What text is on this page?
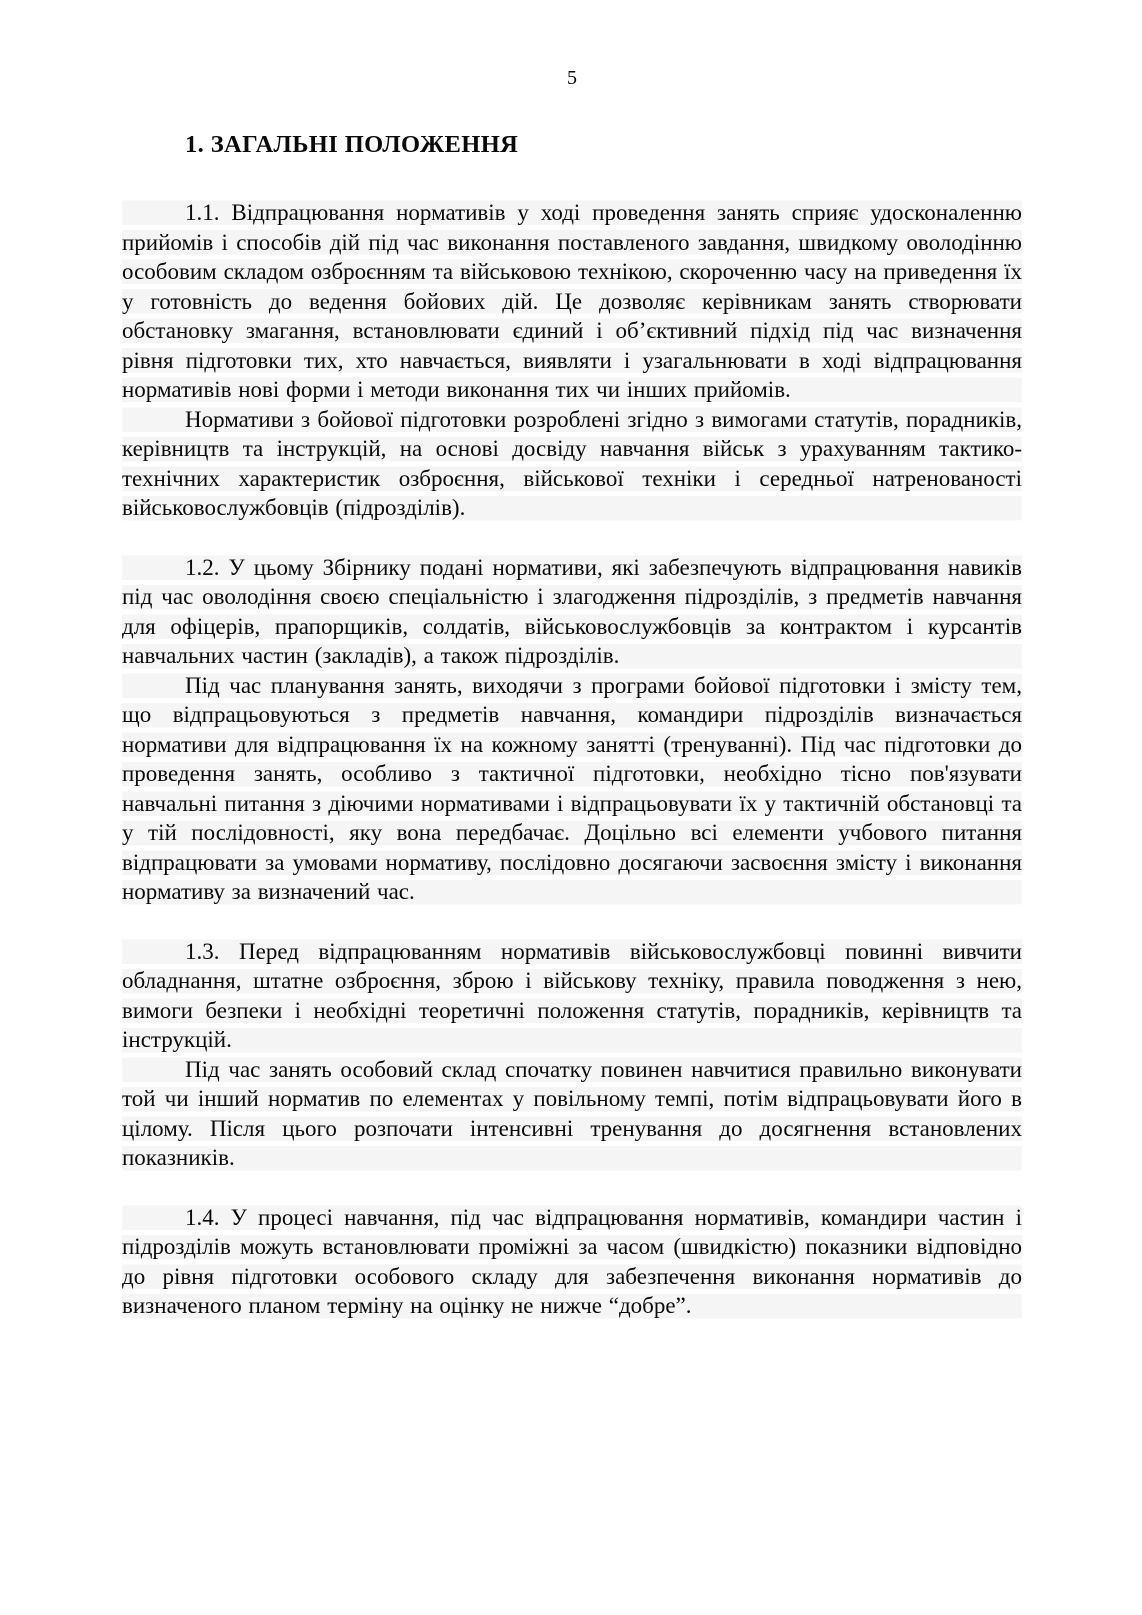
5
1. ЗАГАЛЬНІ ПОЛОЖЕННЯ

1.1. Відпрацювання нормативів у ході проведення занять сприяє удосконаленню прийомів і способів дій під час виконання поставленого завдання, швидкому оволодінню особовим складом озброєнням та військовою технікою, скороченню часу на приведення їх у готовність до ведення бойових дій. Це дозволяє керівникам занять створювати обстановку змагання, встановлювати єдиний і об’єктивний підхід під час визначення рівня підготовки тих, хто навчається, виявляти і узагальнювати в ході відпрацювання нормативів нові форми і методи виконання тих чи інших прийомів.

Нормативи з бойової підготовки розроблені згідно з вимогами статутів, порадників, керівництв та інструкцій, на основі досвіду навчання військ з урахуванням тактико-технічних характеристик озброєння, військової техніки і середньої натренованості військовослужбовців (підрозділів).

1.2. У цьому Збірнику подані нормативи, які забезпечують відпрацювання навиків під час оволодіння своєю спеціальністю і злагодження підрозділів, з предметів навчання для офіцерів, прапорщиків, солдатів, військовослужбовців за контрактом і курсантів навчальних частин (закладів), а також підрозділів.

Під час планування занять, виходячи з програми бойової підготовки і змісту тем, що відпрацьовуються з предметів навчання, командири підрозділів визначається нормативи для відпрацювання їх на кожному занятті (тренуванні). Під час підготовки до проведення занять, особливо з тактичної підготовки, необхідно тісно пов'язувати навчальні питання з діючими нормативами і відпрацьовувати їх у тактичній обстановці та у тій послідовності, яку вона передбачає. Доцільно всі елементи учбового питання відпрацювати за умовами нормативу, послідовно досягаючи засвоєння змісту і виконання нормативу за визначений час.

1.3. Перед відпрацюванням нормативів військовослужбовці повинні вивчити обладнання, штатне озброєння, зброю і військову техніку, правила поводження з нею, вимоги безпеки і необхідні теоретичні положення статутів, порадників, керівництв та інструкцій.

Під час занять особовий склад спочатку повинен навчитися правильно виконувати той чи інший норматив по елементах у повільному темпі, потім відпрацьовувати його в цілому. Після цього розпочати інтенсивні тренування до досягнення встановлених показників.

1.4. У процесі навчання, під час відпрацювання нормативів, командири частин і підрозділів можуть встановлювати проміжні за часом (швидкістю) показники відповідно до рівня підготовки особового складу для забезпечення виконання нормативів до визначеного планом терміну на оцінку не нижче “добре”.
